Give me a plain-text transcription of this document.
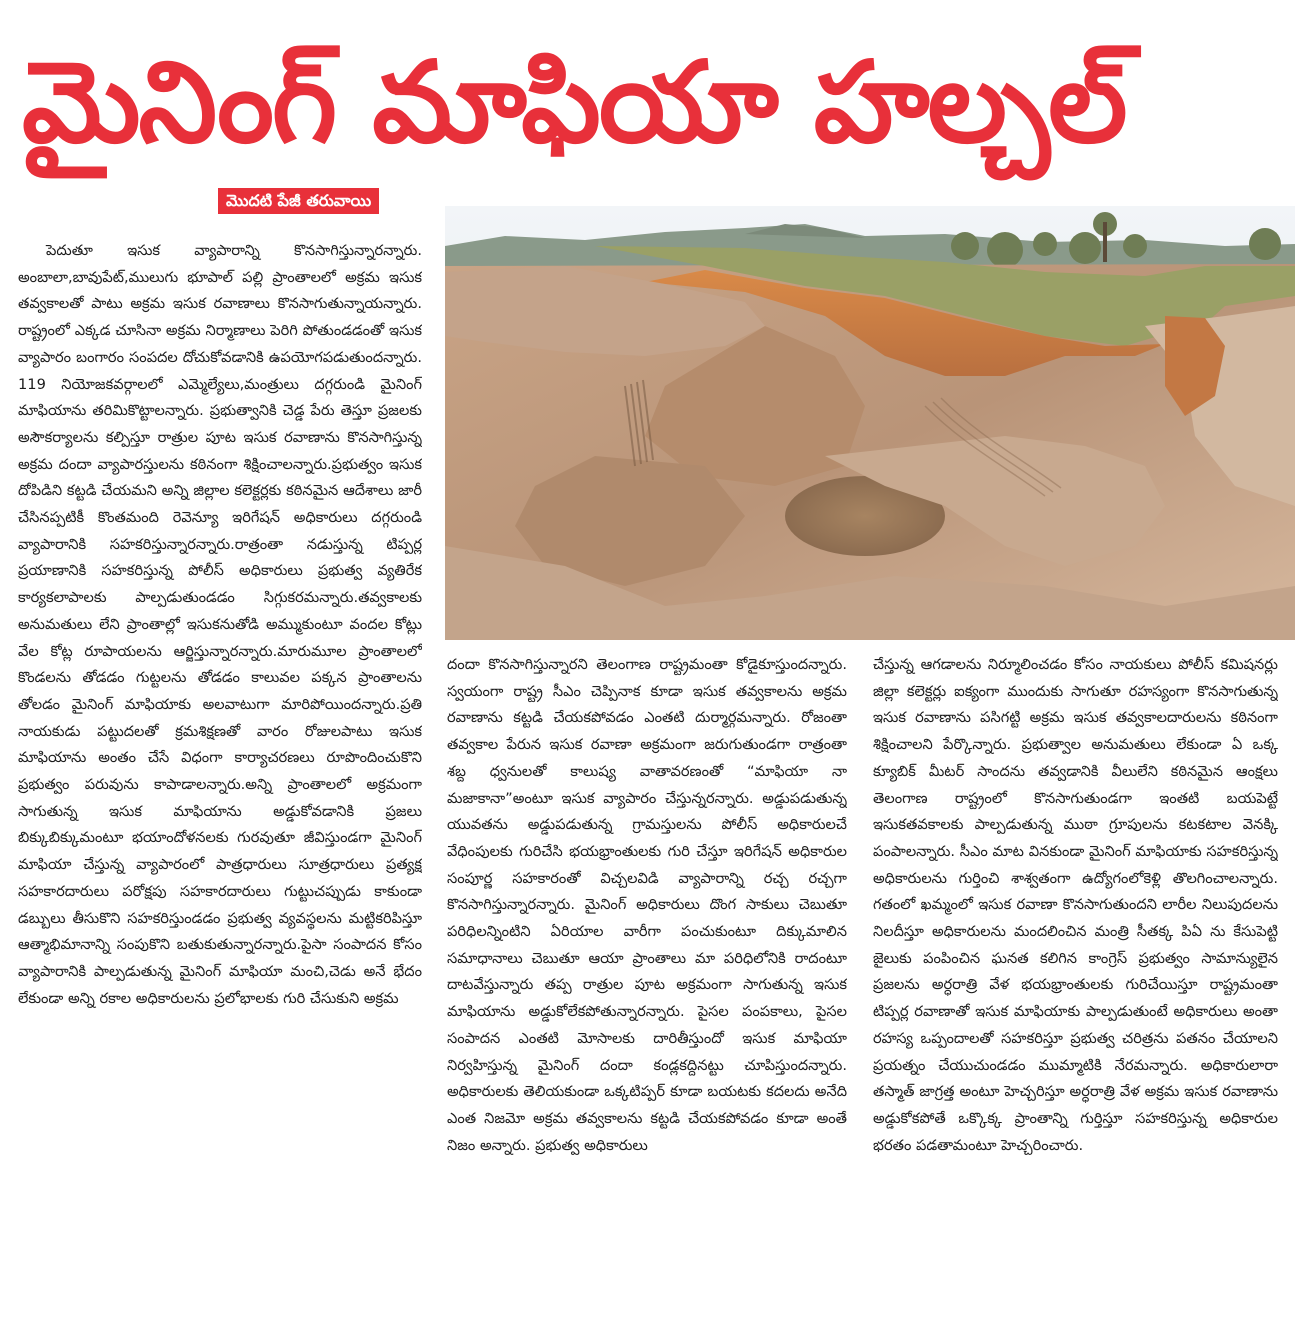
మైనింగ్ మాఫియా హల్చల్
మొదటి పేజీ తరువాయి

పెదుతూ ఇసుక వ్యాపారాన్ని కొనసాగిస్తున్నారన్నారు. అంబాలా,బావుపేట్,ములుగు భూపాల్ పల్లి ప్రాంతాలలో అక్రమ ఇసుక తవ్వకాలతో పాటు అక్రమ ఇసుక రవాణాలు కొనసాగుతున్నాయన్నారు. రాష్ట్రంలో ఎక్కడ చూసినా అక్రమ నిర్మాణాలు పెరిగి పోతుండడంతో ఇసుక వ్యాపారం బంగారం సంపదల దోచుకోవడానికి ఉపయోగపడుతుందన్నారు. 119 నియోజకవర్గాలలో ఎమ్మెల్యేలు,మంత్రులు దగ్గరుండి మైనింగ్ మాఫియాను తరిమికొట్టాలన్నారు. ప్రభుత్వానికి చెడ్డ పేరు తెస్తూ ప్రజలకు అసౌకర్యాలను కల్పిస్తూ రాత్రుల పూట ఇసుక రవాణాను కొనసాగిస్తున్న అక్రమ దందా వ్యాపారస్తులను కఠినంగా శిక్షించాలన్నారు.ప్రభుత్వం ఇసుక దోపిడిని కట్టడి చేయమని అన్ని జిల్లాల కలెక్టర్లకు కఠినమైన ఆదేశాలు జారీ చేసినప్పటికీ కొంతమంది రెవెన్యూ ఇరిగేషన్ అధికారులు దగ్గరుండి వ్యాపారానికి సహకరిస్తున్నారన్నారు.రాత్రంతా నడుస్తున్న టిప్పర్ల ప్రయాణానికి సహకరిస్తున్న పోలీస్ అధికారులు ప్రభుత్వ వ్యతిరేక కార్యకలాపాలకు పాల్పడుతుండడం సిగ్గుకరమన్నారు.తవ్వకాలకు అనుమతులు లేని ప్రాంతాల్లో ఇసుకనుతోడి అమ్ముకుంటూ వందల కోట్లు వేల కోట్ల రూపాయలను ఆర్జిస్తున్నారన్నారు.మారుమూల ప్రాంతాలలో కొండలను తోడడం గుట్టలను తోడడం కాలువల పక్కన ప్రాంతాలను తోలడం మైనింగ్ మాఫియాకు అలవాటుగా మారిపోయిందన్నారు.ప్రతి నాయకుడు పట్టుదలతో క్రమశిక్షణతో వారం రోజులపాటు ఇసుక మాఫియాను అంతం చేసే విధంగా కార్యాచరణలు రూపొందించుకొని ప్రభుత్వం పరువును కాపాడాలన్నారు.అన్ని ప్రాంతాలలో అక్రమంగా సాగుతున్న ఇసుక మాఫియాను అడ్డుకోవడానికి ప్రజలు బిక్కుబిక్కుమంటూ భయాందోళనలకు గురవుతూ జీవిస్తుండగా మైనింగ్ మాఫియా చేస్తున్న వ్యాపారంలో పాత్రధారులు సూత్రధారులు ప్రత్యక్ష సహకారదారులు పరోక్షపు సహకారదారులు గుట్టుచప్పుడు కాకుండా డబ్బులు తీసుకొని సహకరిస్తుండడం ప్రభుత్వ వ్యవస్థలను మట్టికరిపిస్తూ ఆత్మాభిమానాన్ని సంపుకొని బతుకుతున్నారన్నారు.పైసా సంపాదన కోసం వ్యాపారానికి పాల్పడుతున్న మైనింగ్ మాఫియా మంచి,చెడు అనే భేదం లేకుండా అన్ని రకాల అధికారులను ప్రలోభాలకు గురి చేసుకుని అక్రమ

దందా కొనసాగిస్తున్నారని తెలంగాణ రాష్ట్రమంతా కోడైకూస్తుందన్నారు. స్వయంగా రాష్ట్ర సీఎం చెప్పినాక కూడా ఇసుక తవ్వకాలను అక్రమ రవాణాను కట్టడి చేయకపోవడం ఎంతటి దుర్మార్గమన్నారు. రోజంతా తవ్వకాల పేరున ఇసుక రవాణా అక్రమంగా జరుగుతుండగా రాత్రంతా శబ్ద ధ్వనులతో కాలుష్య వాతావరణంతో “మాఫియా నా మజాకానా”అంటూ ఇసుక వ్యాపారం చేస్తున్నరన్నారు. అడ్డుపడుతున్న యువతను అడ్డుపడుతున్న గ్రామస్తులను పోలీస్ అధికారులచే వేధింపులకు గురిచేసి భయభ్రాంతులకు గురి చేస్తూ ఇరిగేషన్ అధికారుల సంపూర్ణ సహకారంతో విచ్చలవిడి వ్యాపారాన్ని రచ్చ రచ్చగా కొనసాగిస్తున్నారన్నారు. మైనింగ్ అధికారులు దొంగ సాకులు చెబుతూ పరిధిలన్నింటిని ఏరియాల వారీగా పంచుకుంటూ దిక్కుమాలిన సమాధానాలు చెబుతూ ఆయా ప్రాంతాలు మా పరిధిలోనికి రాదంటూ దాటవేస్తున్నారు తప్ప రాత్రుల పూట అక్రమంగా సాగుతున్న ఇసుక మాఫియాను అడ్డుకోలేకపోతున్నారన్నారు. పైసల పంపకాలు, పైసల సంపాదన ఎంతటి మోసాలకు దారితీస్తుందో ఇసుక మాఫియా నిర్వహిస్తున్న మైనింగ్ దందా కండ్లకద్దినట్టు చూపిస్తుందన్నారు. అధికారులకు తెలియకుండా ఒక్కటిప్పర్ కూడా బయటకు కదలదు అనేది ఎంత నిజమో అక్రమ తవ్వకాలను కట్టడి చేయకపోవడం కూడా అంతే నిజం అన్నారు. ప్రభుత్వ అధికారులు

చేస్తున్న ఆగడాలను నిర్మూలించడం కోసం నాయకులు పోలీస్ కమిషనర్లు జిల్లా కలెక్టర్లు ఐక్యంగా ముందుకు సాగుతూ రహస్యంగా కొనసాగుతున్న ఇసుక రవాణాను పసిగట్టి అక్రమ ఇసుక తవ్వకాలదారులను కఠినంగా శిక్షించాలని పేర్కొన్నారు. ప్రభుత్వాల అనుమతులు లేకుండా ఏ ఒక్క క్యూబిక్ మీటర్ సాందను తవ్వడానికి వీలులేని కఠినమైన ఆంక్షలు తెలంగాణ రాష్ట్రంలో కొనసాగుతుండగా ఇంతటి బయపెట్టే ఇసుకతవకాలకు పాల్పడుతున్న ముఠా గ్రూపులను కటకటాల వెనక్కి పంపాలన్నారు. సీఎం మాట వినకుండా మైనింగ్ మాఫియాకు సహకరిస్తున్న అధికారులను గుర్తించి శాశ్వతంగా ఉద్యోగంలోకెళ్లి తొలగించాలన్నారు. గతంలో ఖమ్మంలో ఇసుక రవాణా కొనసాగుతుందని లారీల నిలుపుదలను నిలదీస్తూ అధికారులను మందలించిన మంత్రి సీతక్క పిఏ ను కేసుపెట్టి జైలుకు పంపించిన ఘనత కలిగిన కాంగ్రెస్ ప్రభుత్వం సామాన్యులైన ప్రజలను అర్ధరాత్రి వేళ భయభ్రాంతులకు గురిచేయిస్తూ రాష్ట్రమంతా టిప్పర్ల రవాణాతో ఇసుక మాఫియాకు పాల్పడుతుంటే అధికారులు అంతా రహస్య ఒప్పందాలతో సహకరిస్తూ ప్రభుత్వ చరిత్రను పతనం చేయాలని ప్రయత్నం చేయుచుండడం ముమ్మాటికి నేరమన్నారు. అధికారులారా తస్మాత్ జాగ్రత్త అంటూ హెచ్చరిస్తూ అర్ధరాత్రి వేళ అక్రమ ఇసుక రవాణాను అడ్డుకోకపోతే ఒక్కొక్క ప్రాంతాన్ని గుర్తిస్తూ సహకరిస్తున్న అధికారుల భరతం పడతామంటూ హెచ్చరించారు.
